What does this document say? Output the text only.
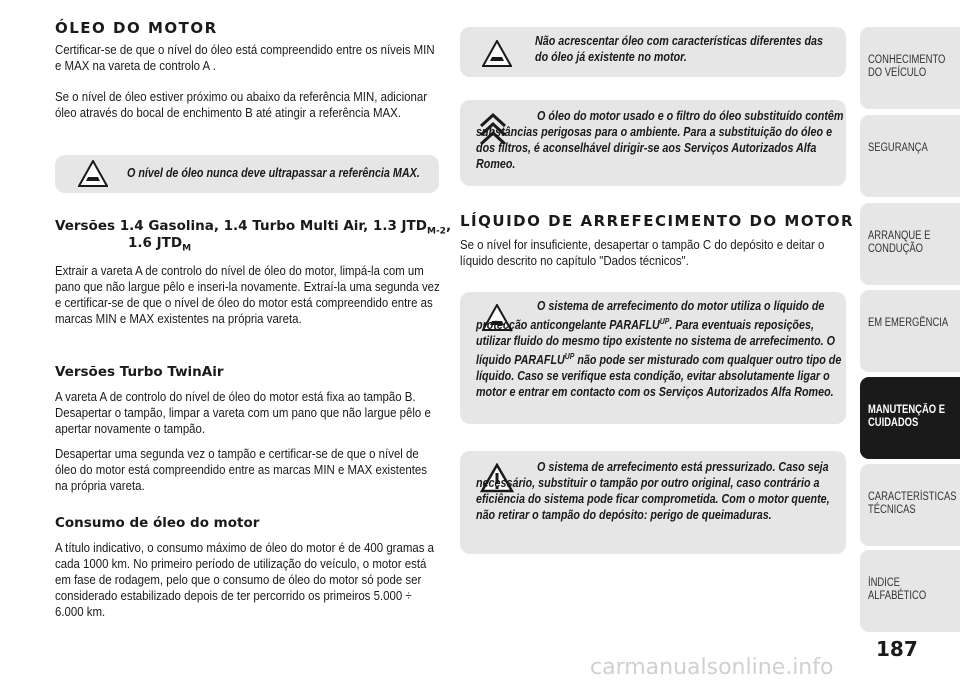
ÓLEO DO MOTOR

Certificar-se de que o nível do óleo está compreendido entre os níveis MIN e MAX na vareta de controlo A .

Se o nível de óleo estiver próximo ou abaixo da referência MIN, adicionar óleo através do bocal de enchimento B até atingir a referência MAX.

Versões 1.4 Gasolina, 1.4 Turbo Multi Air, 1.3 $JTD_{M-2}$,
1.6 $JTD_M$

Extrair a vareta A de controlo do nível de óleo do motor, limpá-la com um pano que não largue pêlo e inseri-la novamente. Extraí-la uma segunda vez e certificar-se de que o nível de óleo do motor está compreendido entre as marcas MIN e MAX existentes na própria vareta.

Versões Turbo TwinAir

A vareta A de controlo do nível de óleo do motor está fixa ao tampão B. Desapertar o tampão, limpar a vareta com um pano que não largue pêlo e apertar novamente o tampão.

Desapertar uma segunda vez o tampão e certificar-se de que o nível de óleo do motor está compreendido entre as marcas MIN e MAX existentes na própria vareta.

Consumo de óleo do motor

A título indicativo, o consumo máximo de óleo do motor é de 400 gramas a cada 1000 km. No primeiro período de utilização do veículo, o motor está em fase de rodagem, pelo que o consumo de óleo do motor só pode ser considerado estabilizado depois de ter percorrido os primeiros 5.000 ÷ 6.000 km.

O nível de óleo nunca deve ultrapassar a referência MAX.
Não acrescentar óleo com características diferentes das do óleo já existente no motor.
O óleo do motor usado e o filtro do óleo substituído contêm substâncias perigosas para o ambiente. Para a substituição do óleo e dos filtros, é aconselhável dirigir-se aos Serviços Autorizados Alfa Romeo.
LÍQUIDO DE ARREFECIMENTO DO MOTOR

Se o nível for insuficiente, desapertar o tampão C do depósito e deitar o líquido descrito no capítulo "Dados técnicos".

O sistema de arrefecimento do motor utiliza o líquido de protecção anticongelante $PARAFLU^{UP}$. Para eventuais reposições, utilizar fluido do mesmo tipo existente no sistema de arrefecimento. O líquido $PARAFLU^{UP}$ não pode ser misturado com qualquer outro tipo de líquido. Caso se verifique esta condição, evitar absolutamente ligar o motor e entrar em contacto com os Serviços Autorizados Alfa Romeo.
O sistema de arrefecimento está pressurizado. Caso seja necessário, substituir o tampão por outro original, caso contrário a eficiência do sistema pode ficar comprometida. Com o motor quente, não retirar o tampão do depósito: perigo de queimaduras.
CONHECIMENTO DO VEÍCULO
SEGURANÇA
ARRANQUE E CONDUÇÃO
EM EMERGÊNCIA
MANUTENÇÃO E CUIDADOS
CARACTERÍSTICAS TÉCNICAS
ÍNDICE ALFABÉTICO
187
carmanualsonline.info
